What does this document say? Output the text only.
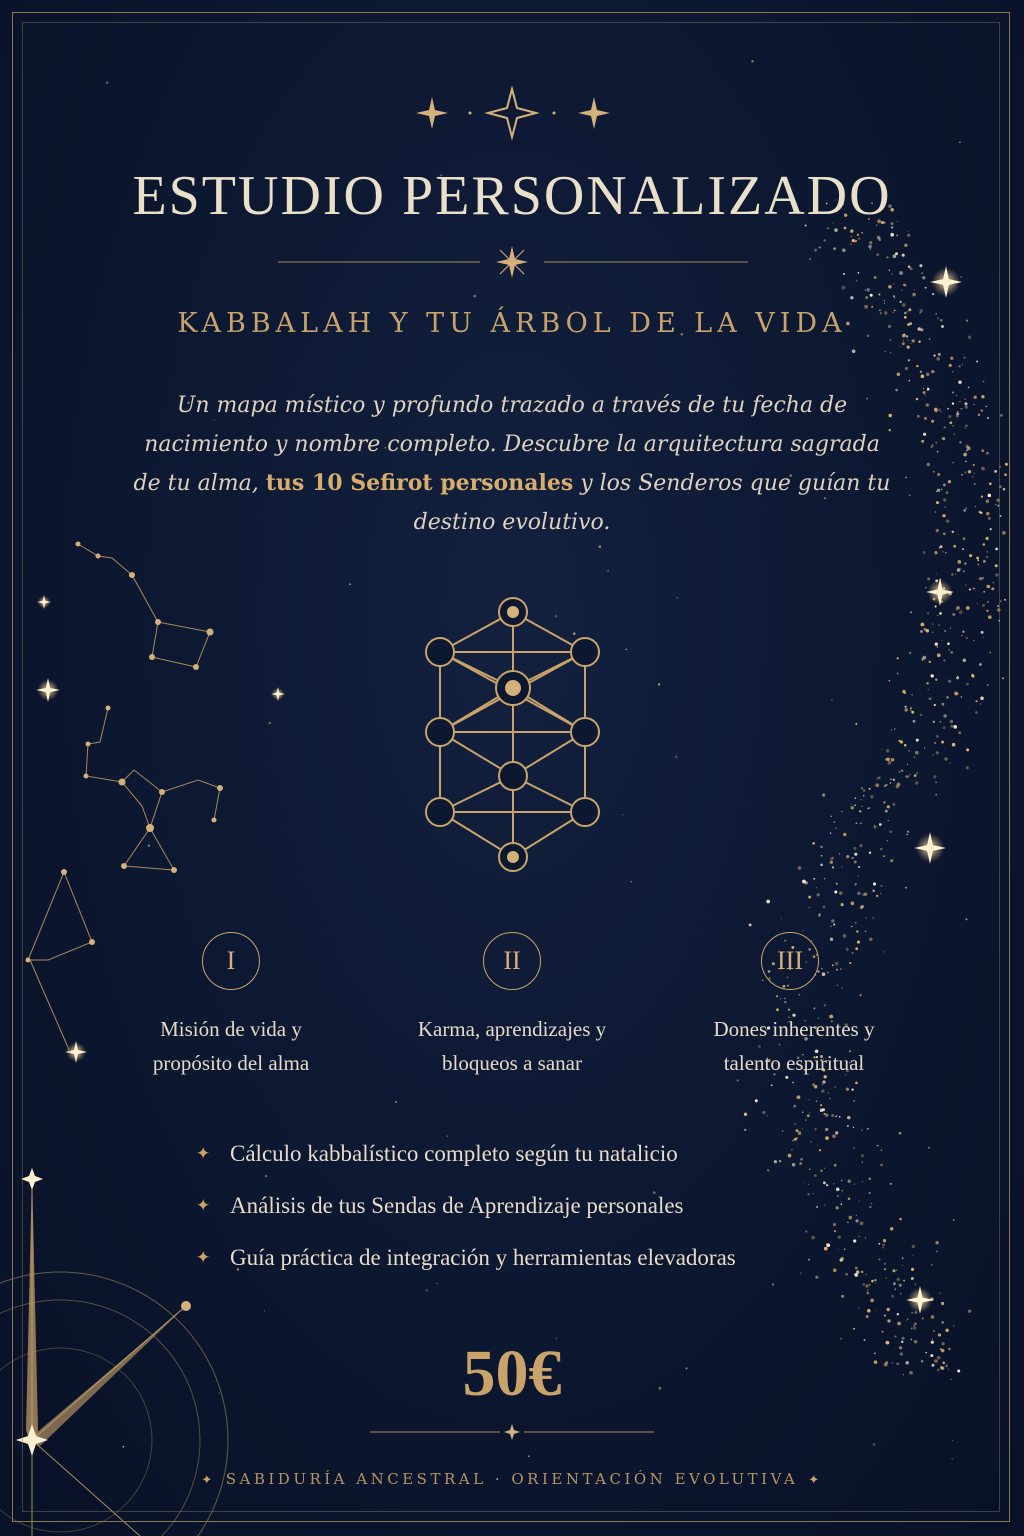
ESTUDIO PERSONALIZADO
KABBALAH Y TU ÁRBOL DE LA VIDA

Un mapa místico y profundo trazado a través de tu fecha de nacimiento y nombre completo. Descubre la arquitectura sagrada de tu alma, tus 10 Sefirot personales y los Senderos que guían tu destino evolutivo.

I	II	III
Misión de vida y
propósito del alma
Karma, aprendizajes y
bloqueos a sanar
Dones inherentes y
talento espiritual
✦ Cálculo kabbalístico completo según tu natalicio
✦ Análisis de tus Sendas de Aprendizaje personales
✦ Guía práctica de integración y herramientas elevadoras
50€
✦ SABIDURÍA ANCESTRAL · ORIENTACIÓN EVOLUTIVA ✦
